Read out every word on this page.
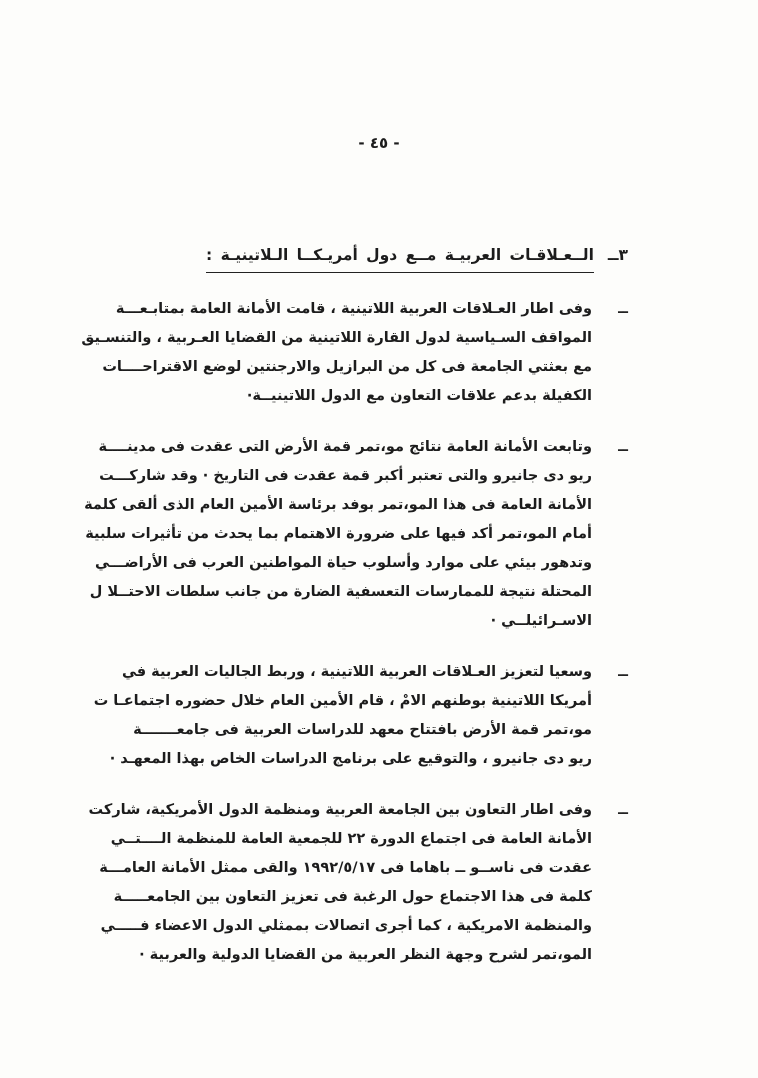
- ٤٥ -
٣ــ
الــعـلاقـات العربيـة مــع دول أمريـكــا الـلاتينيـة :
ــ
وفى اطار العـلاقات العربية اللاتينية ، قامت الأمانة العامة بمتابـعـــة
المواقف السـياسية لدول القارة اللاتينية من القضايا العـربية ، والتنسـيق
مع بعثتي الجامعة فى كل من البرازيل والارجنتين لوضع الاقتراحــــات
الكفيلة بدعم علاقات التعاون مع الدول اللاتينيــة·
ــ
وتابعت الأمانة العامة نتائج مو،تمر قمة الأرض التى عقدت فى مدينــــة
ريو دى جانيرو والتى تعتبر أكبر قمة عقدت فى التاريخ · وقد شاركـــت
الأمانة العامة فى هذا المو،تمر بوفد برئاسة الأمين العام الذى ألقى كلمة
أمام المو،تمر أكد فيها على ضرورة الاهتمام بما يحدث من تأثيرات سلبية
وتدهور بيئي على موارد وأسلوب حياة المواطنين العرب فى الأراضـــي
المحتلة نتيجة للممارسات التعسفية الضارة من جانب سلطات الاحتــلا ل
الاسـرائيلــي ·
ــ
وسعيا لتعزيز العـلاقات العربية اللاتينية ، وربط الجاليات العربية في
أمريكا اللاتينية بوطنهم الامْ ، قام الأمين العام خلال حضوره اجتماعـا ت
مو،تمر قمة الأرض بافتتاح معهد للدراسات العربية فى جامعـــــــة
ريو دى جانيرو ، والتوقيع على برنامج الدراسات الخاص بهذا المعهـد ·
ــ
وفى اطار التعاون بين الجامعة العربية ومنظمة الدول الأمريكية، شاركت
الأمانة العامة فى اجتماع الدورة ٢٢ للجمعية العامة للمنظمة الــــتــي
عقدت فى ناســو ــ باهاما فى ١٩٩٢/٥/١٧ والقى ممثل الأمانة العامـــة
كلمة فى هذا الاجتماع حول الرغبة فى تعزيز التعاون بين الجامعـــــة
والمنظمة الامريكية ، كما أجرى اتصالات بممثلي الدول الاعضاء فـــــي
المو،تمر لشرح وجهة النظر العربية من القضايا الدولية والعربية ·
